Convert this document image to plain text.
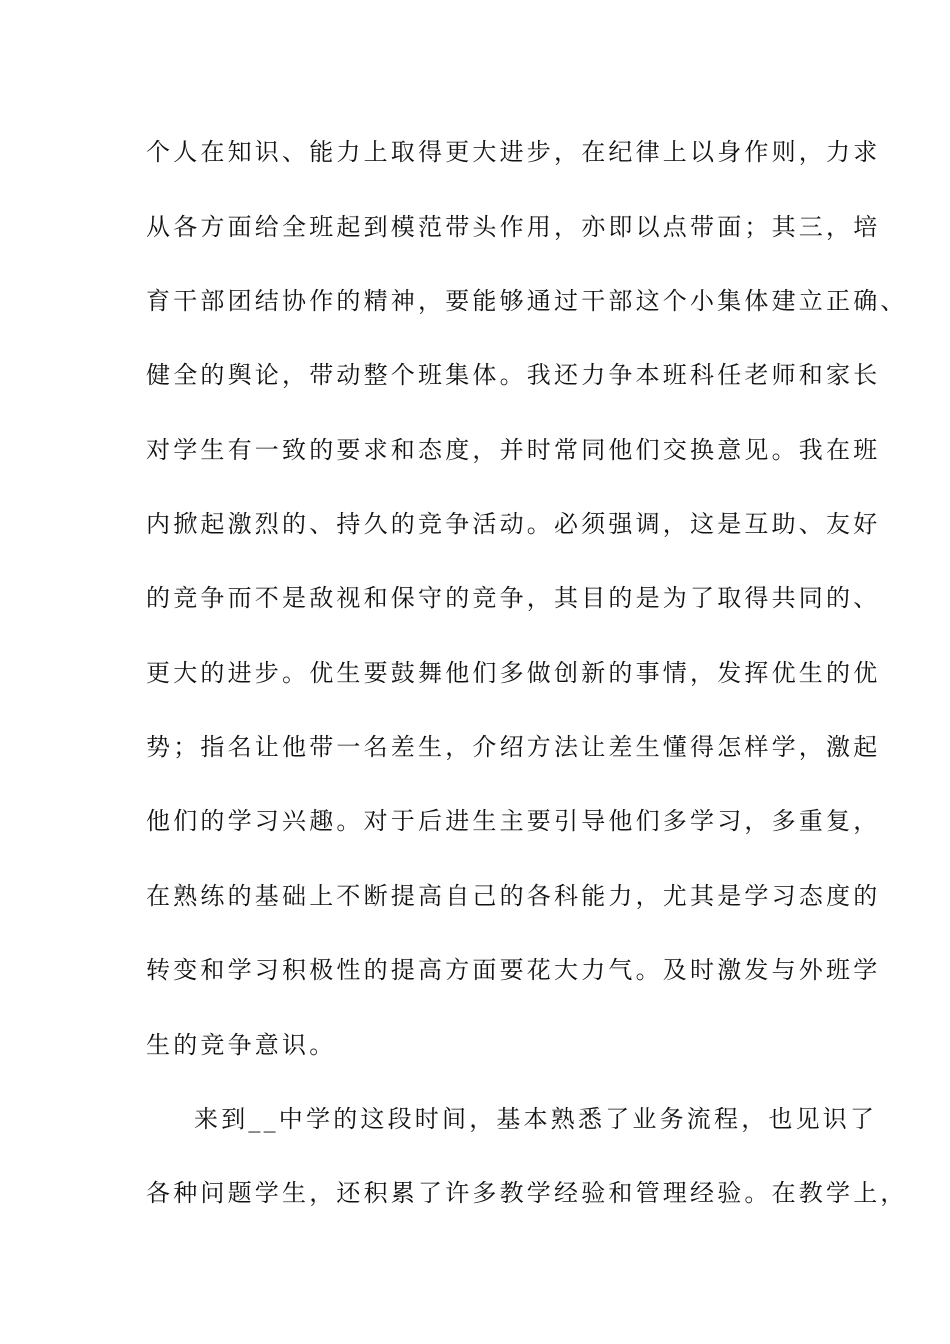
个人在知识、能力上取得更大进步，在纪律上以身作则，力求
从各方面给全班起到模范带头作用，亦即以点带面；其三，培
育干部团结协作的精神，要能够通过干部这个小集体建立正确、
健全的舆论，带动整个班集体。我还力争本班科任老师和家长
对学生有一致的要求和态度，并时常同他们交换意见。我在班
内掀起激烈的、持久的竞争活动。必须强调，这是互助、友好
的竞争而不是敌视和保守的竞争，其目的是为了取得共同的、
更大的进步。优生要鼓舞他们多做创新的事情，发挥优生的优
势；指名让他带一名差生，介绍方法让差生懂得怎样学，激起
他们的学习兴趣。对于后进生主要引导他们多学习，多重复，
在熟练的基础上不断提高自己的各科能力，尤其是学习态度的
转变和学习积极性的提高方面要花大力气。及时激发与外班学
生的竞争意识。
来到__中学的这段时间，基本熟悉了业务流程，也见识了
各种问题学生，还积累了许多教学经验和管理经验。在教学上，
